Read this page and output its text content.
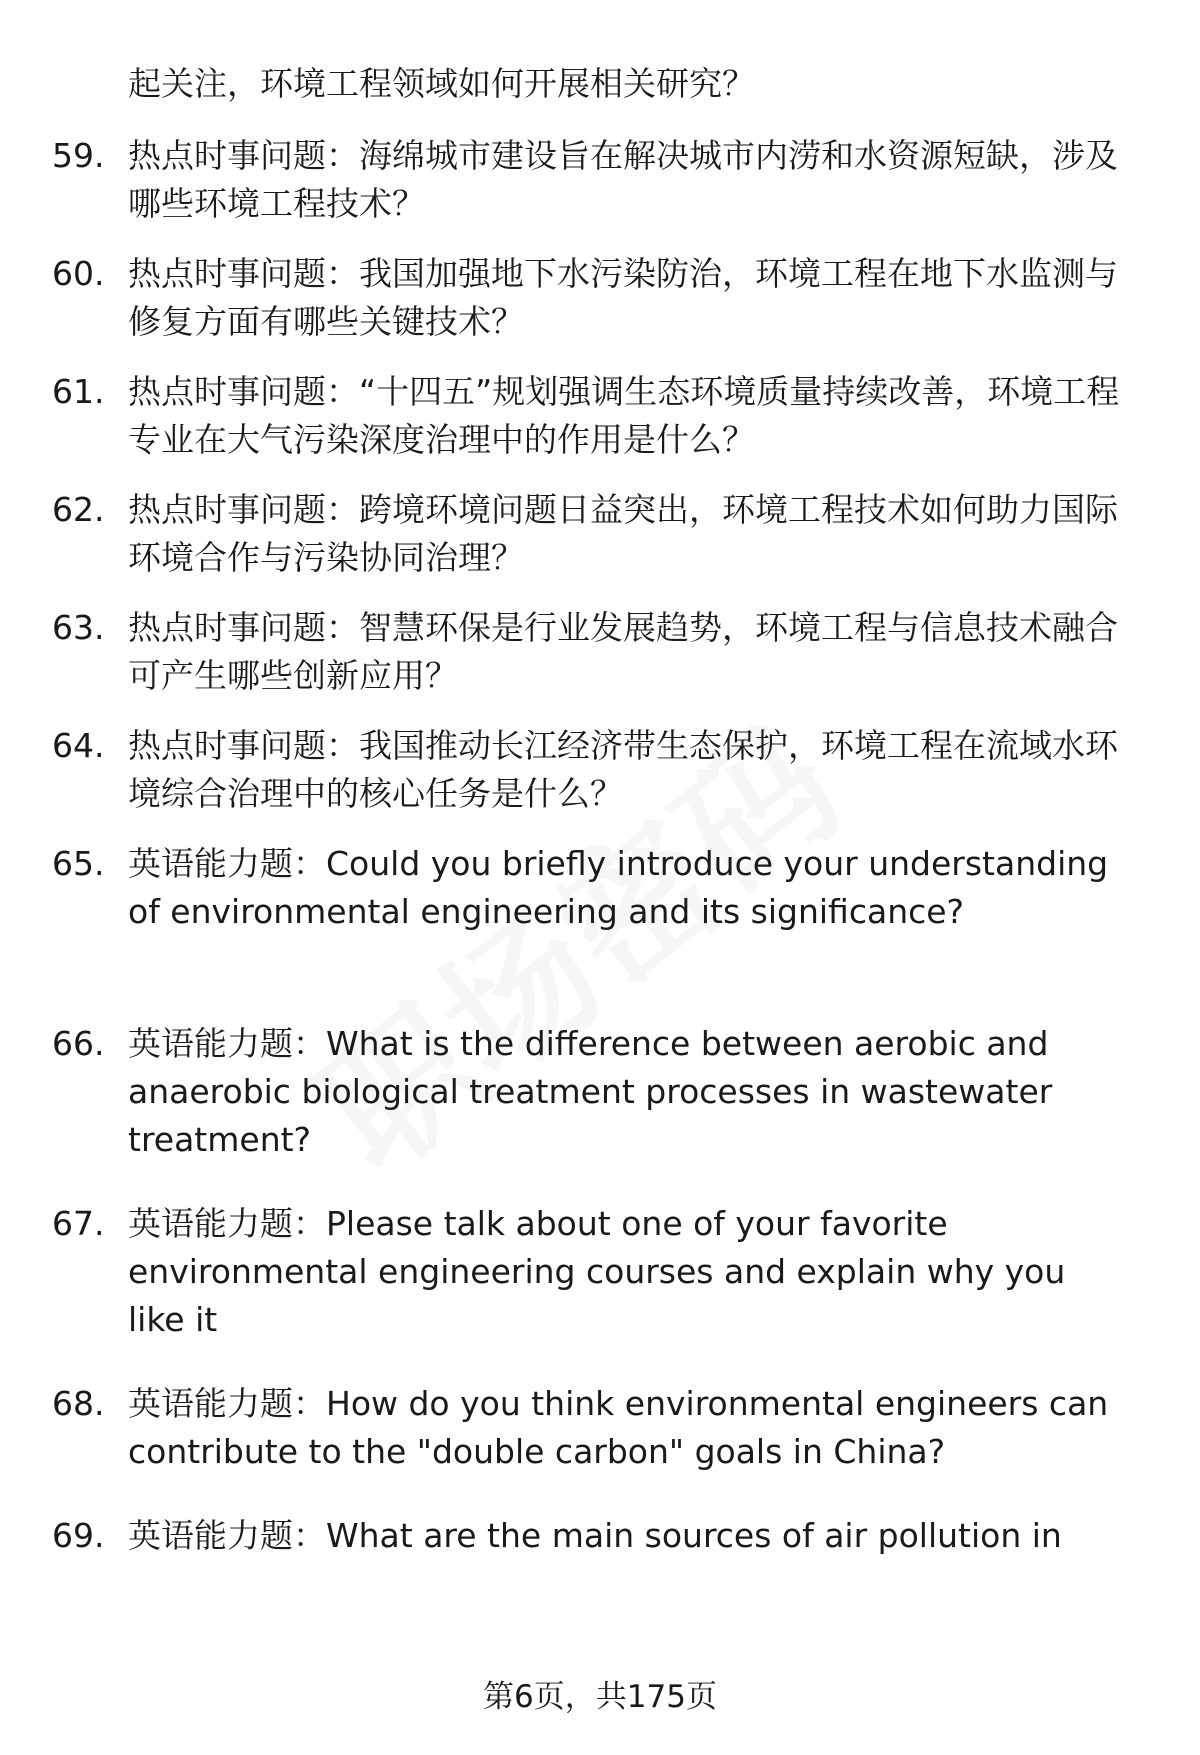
起关注，环境工程领域如何开展相关研究？
59. 热点时事问题：海绵城市建设旨在解决城市内涝和水资源短缺，涉及哪些环境工程技术？
60. 热点时事问题：我国加强地下水污染防治，环境工程在地下水监测与修复方面有哪些关键技术？
61. 热点时事问题：“十四五”规划强调生态环境质量持续改善，环境工程专业在大气污染深度治理中的作用是什么？
62. 热点时事问题：跨境环境问题日益突出，环境工程技术如何助力国际环境合作与污染协同治理？
63. 热点时事问题：智慧环保是行业发展趋势，环境工程与信息技术融合可产生哪些创新应用？
64. 热点时事问题：我国推动长江经济带生态保护，环境工程在流域水环境综合治理中的核心任务是什么？
65. 英语能力题：Could you briefly introduce your understanding of environmental engineering and its significance?
66. 英语能力题：What is the difference between aerobic and anaerobic biological treatment processes in wastewater treatment?
67. 英语能力题：Please talk about one of your favorite environmental engineering courses and explain why you like it
68. 英语能力题：How do you think environmental engineers can contribute to the "double carbon" goals in China?
69. 英语能力题：What are the main sources of air pollution in
第6页，共175页
